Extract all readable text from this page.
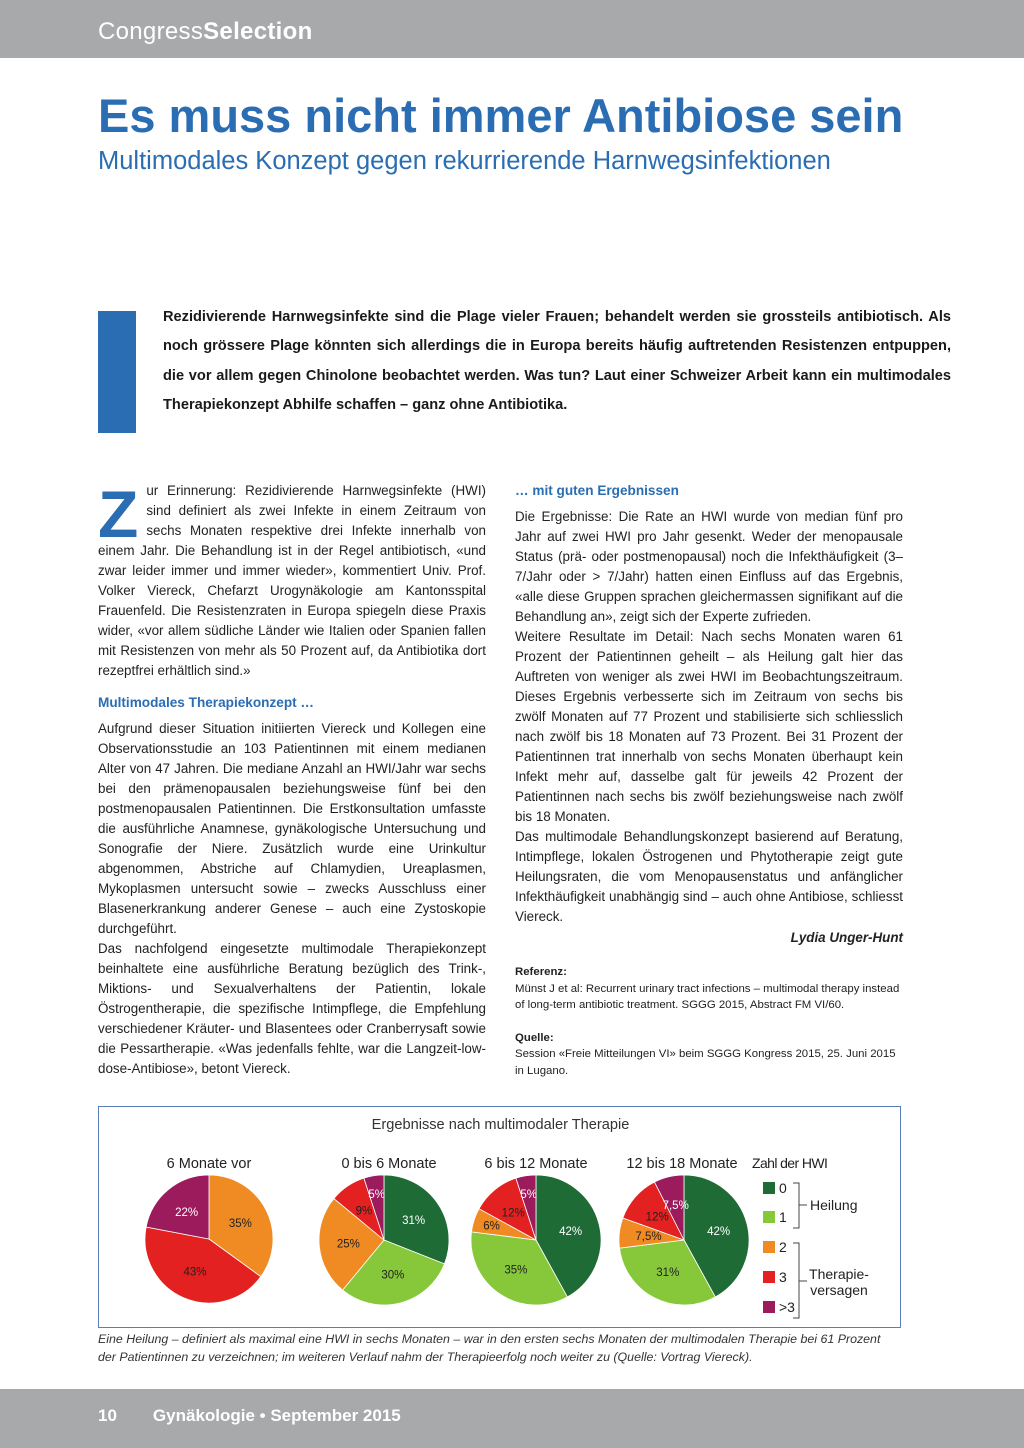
CongressSelection
Es muss nicht immer Antibiose sein
Multimodales Konzept gegen rekurrierende Harnwegsinfektionen
Rezidivierende Harnwegsinfekte sind die Plage vieler Frauen; behandelt werden sie grossteils antibiotisch. Als noch grössere Plage könnten sich allerdings die in Europa bereits häufig auftretenden Resistenzen entpuppen, die vor allem gegen Chinolone beobachtet werden. Was tun? Laut einer Schweizer Arbeit kann ein multimodales Therapiekonzept Abhilfe schaffen – ganz ohne Antibiotika.
Z ur Erinnerung: Rezidivierende Harnwegsinfekte (HWI) sind definiert als zwei Infekte in einem Zeitraum von sechs Monaten respektive drei Infekte innerhalb von einem Jahr. Die Behandlung ist in der Regel antibiotisch, «und zwar leider immer und immer wieder», kommentiert Univ. Prof. Volker Viereck, Chefarzt Urogynäkologie am Kantonsspital Frauenfeld. Die Resistenzraten in Europa spiegeln diese Praxis wider, «vor allem südliche Länder wie Italien oder Spanien fallen mit Resistenzen von mehr als 50 Prozent auf, da Antibiotika dort rezeptfrei erhältlich sind.»

Multimodales Therapiekonzept …

Aufgrund dieser Situation initiierten Viereck und Kollegen eine Observationsstudie an 103 Patientinnen mit einem medianen Alter von 47 Jahren. Die mediane Anzahl an HWI/Jahr war sechs bei den prämenopausalen beziehungsweise fünf bei den postmenopausalen Patientinnen. Die Erstkonsultation umfasste die ausführliche Anamnese, gynäkologische Untersuchung und Sonografie der Niere. Zusätzlich wurde eine Urinkultur abgenommen, Abstriche auf Chlamydien, Ureaplasmen, Mykoplasmen untersucht sowie – zwecks Ausschluss einer Blasenerkrankung anderer Genese – auch eine Zystoskopie durchgeführt.

Das nachfolgend eingesetzte multimodale Therapiekonzept beinhaltete eine ausführliche Beratung bezüglich des Trink-, Miktions- und Sexualverhaltens der Patientin, lokale Östrogentherapie, die spezifische Intimpflege, die Empfehlung verschiedener Kräuter- und Blasentees oder Cranberrysaft sowie die Pessartherapie. «Was jedenfalls fehlte, war die Langzeit-low-dose-Antibiose», betont Viereck.

… mit guten Ergebnissen

Die Ergebnisse: Die Rate an HWI wurde von median fünf pro Jahr auf zwei HWI pro Jahr gesenkt. Weder der menopausale Status (prä- oder postmenopausal) noch die Infekthäufigkeit (3–7/Jahr oder > 7/Jahr) hatten einen Einfluss auf das Ergebnis, «alle diese Gruppen sprachen gleichermassen signifikant auf die Behandlung an», zeigt sich der Experte zufrieden.

Weitere Resultate im Detail: Nach sechs Monaten waren 61 Prozent der Patientinnen geheilt – als Heilung galt hier das Auftreten von weniger als zwei HWI im Beobachtungszeitraum. Dieses Ergebnis verbesserte sich im Zeitraum von sechs bis zwölf Monaten auf 77 Prozent und stabilisierte sich schliesslich nach zwölf bis 18 Monaten auf 73 Prozent. Bei 31 Prozent der Patientinnen trat innerhalb von sechs Monaten überhaupt kein Infekt mehr auf, dasselbe galt für jeweils 42 Prozent der Patientinnen nach sechs bis zwölf beziehungsweise nach zwölf bis 18 Monaten.

Das multimodale Behandlungskonzept basierend auf Beratung, Intimpflege, lokalen Östrogenen und Phytotherapie zeigt gute Heilungsraten, die vom Menopausenstatus und anfänglicher Infekthäufigkeit unabhängig sind – auch ohne Antibiose, schliesst Viereck.

Lydia Unger-Hunt

Referenz:
Münst J et al: Recurrent urinary tract infections – multimodal therapy instead of long-term antibiotic treatment. SGGG 2015, Abstract FM VI/60.

Quelle:
Session «Freie Mitteilungen VI» beim SGGG Kongress 2015, 25. Juni 2015 in Lugano.

Ergebnisse nach multimodaler Therapie
6 Monate vor
35%
43%
22%
0 bis 6 Monate
31%
30%
25%
9%
5%
6 bis 12 Monate
42%
35%
6%
12%
5%
12 bis 18 Monate
42%
31%
7,5%
12%
7,5%
Zahl der HWI
0
1
2
3
>3
Heilung
Therapie-
versagen
Eine Heilung – definiert als maximal eine HWI in sechs Monaten – war in den ersten sechs Monaten der multimodalen Therapie bei 61 Prozent der Patientinnen zu verzeichnen; im weiteren Verlauf nahm der Therapieerfolg noch weiter zu (Quelle: Vortrag Viereck).
10 Gynäkologie • September 2015
